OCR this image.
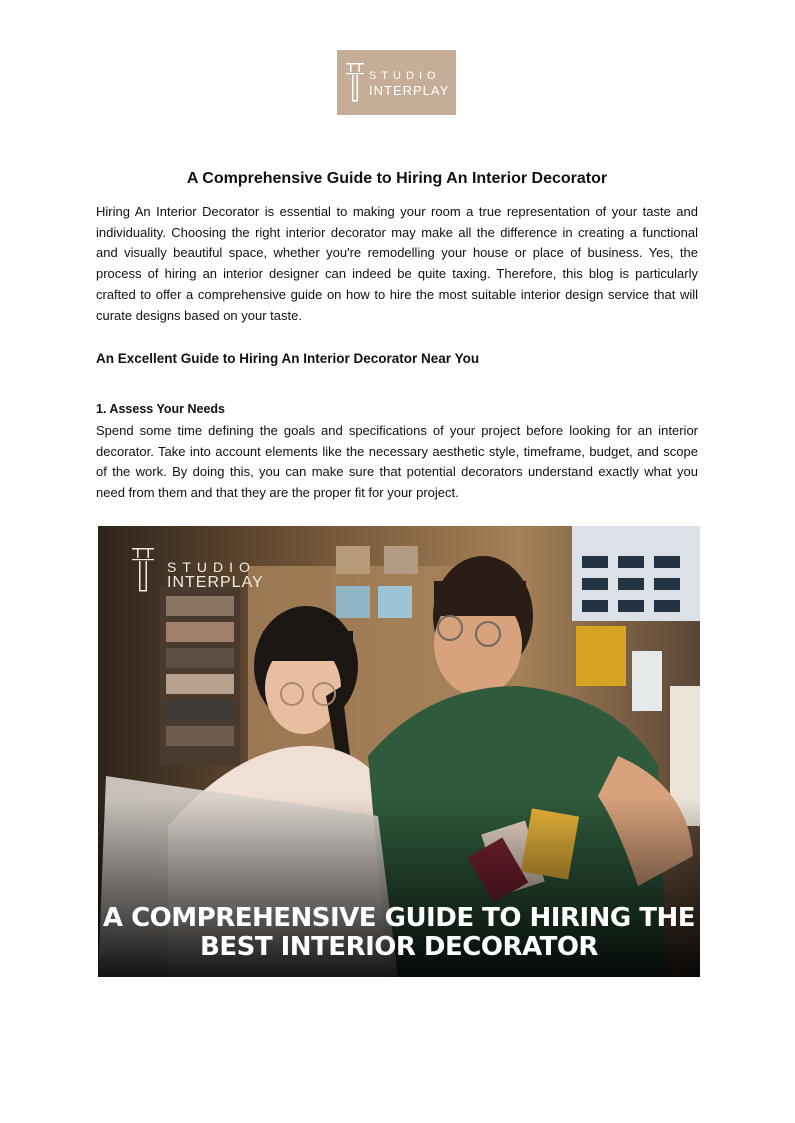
STUDIO
INTERPLAY
A Comprehensive Guide to Hiring An Interior Decorator

Hiring An Interior Decorator is essential to making your room a true representation of your taste and individuality. Choosing the right interior decorator may make all the difference in creating a functional and visually beautiful space, whether you're remodelling your house or place of business. Yes, the process of hiring an interior designer can indeed be quite taxing. Therefore, this blog is particularly crafted to offer a comprehensive guide on how to hire the most suitable interior design service that will curate designs based on your taste.

An Excellent Guide to Hiring An Interior Decorator Near You
1. Assess Your Needs

Spend some time defining the goals and specifications of your project before looking for an interior decorator. Take into account elements like the necessary aesthetic style, timeframe, budget, and scope of the work. By doing this, you can make sure that potential decorators understand exactly what you need from them and that they are the proper fit for your project.

STUDIO
INTERPLAY
A COMPREHENSIVE GUIDE TO HIRING THE
BEST INTERIOR DECORATOR
